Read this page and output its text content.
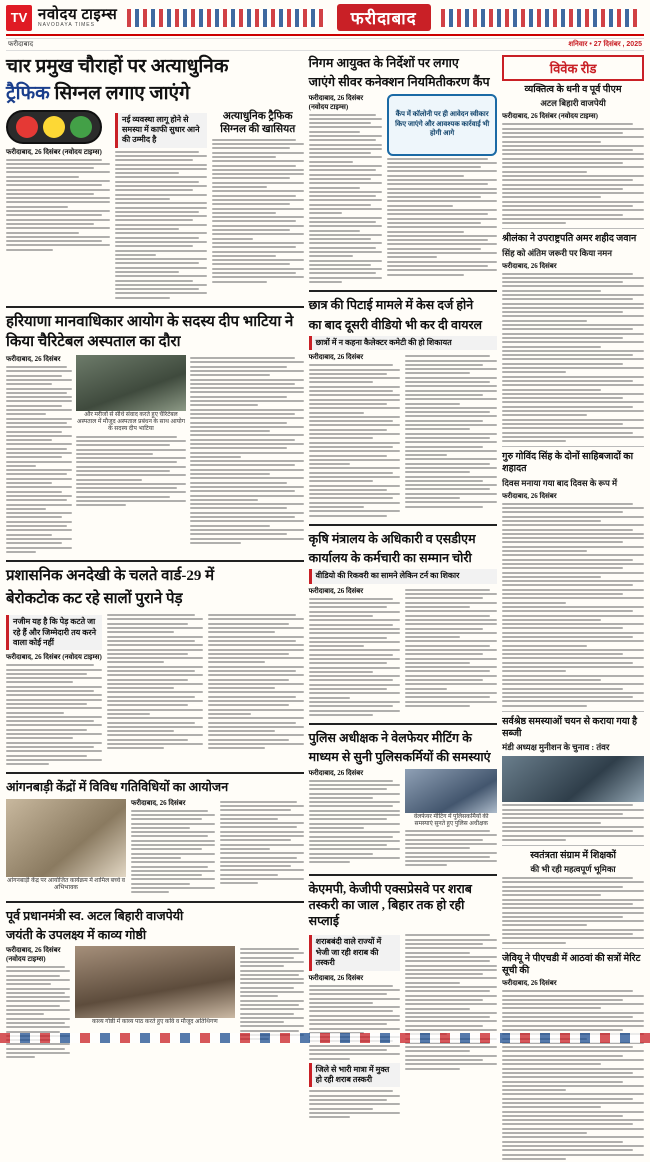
TV नवोदय टाइम्स
NAVODAYA TIMES	फरीदाबाद
फरीदाबाद	शनिवार • 27 दिसंबर , 2025
चार प्रमुख चौराहों पर अत्याधुनिक
ट्रैफिक सिग्नल लगाए जाएंगे
फरीदाबाद, 26 दिसंबर (नवोदय टाइम्स)
नई व्यवस्था लागू होने से समस्या में काफी सुधार आने की उम्मीद है
अत्याधुनिक ट्रैफिक सिग्नल की खासियत
हरियाणा मानवाधिकार आयोग के सदस्य दीप भाटिया ने किया चैरिटेबल अस्पताल का दौरा
फरीदाबाद, 26 दिसंबर
और मरीजों से सीधे संवाद करते हुए चैरिटेबल अस्पताल में मौजूद अस्पताल प्रबंधन के साथ आयोग के सदस्य दीप भाटिया
प्रशासनिक अनदेखी के चलते वार्ड-29 में
बेरोकटोक कट रहे सालों पुराने पेड़
नजीम यह है कि पेड़ कटते जा रहे हैं और जिम्मेदारी तय करने वाला कोई नहीं
फरीदाबाद, 26 दिसंबर (नवोदय टाइम्स)
आंगनबाड़ी केंद्रों में विविध गतिविधियों का आयोजन
आंगनबाड़ी केंद्र पर आयोजित कार्यक्रम में शामिल बच्चे व अभिभावक
फरीदाबाद, 26 दिसंबर
पूर्व प्रधानमंत्री स्व. अटल बिहारी वाजपेयी
जयंती के उपलक्ष्य में काव्य गोष्ठी
फरीदाबाद, 26 दिसंबर (नवोदय टाइम्स)
काव्य गोष्ठी में काव्य पाठ करते हुए कवि व मौजूद अतिथिगण
निगम आयुक्त के निर्देशों पर लगाए
जाएंगे सीवर कनेक्शन नियमितीकरण कैंप
फरीदाबाद, 26 दिसंबर (नवोदय टाइम्स)
कैंप में कॉलोनी पर ही आवेदन स्वीकार किए जाएंगे और आवश्यक कार्रवाई भी होगी आगे
छात्र की पिटाई मामले में केस दर्ज होने
का बाद दूसरी वीडियो भी कर दी वायरल
छात्रों में न कहना कैलेक्टर कमेटी की हो शिकायत
फरीदाबाद, 26 दिसंबर
कृषि मंत्रालय के अधिकारी व एसडीएम
कार्यालय के कर्मचारी का सम्मान चोरी
वीडियो की रिकवरी का सामने लेकिन टर्न का शिकार
फरीदाबाद, 26 दिसंबर
पुलिस अधीक्षक ने वेलफेयर मीटिंग के
माध्यम से सुनी पुलिसकर्मियों की समस्याएं
फरीदाबाद, 26 दिसंबर
वेलफेयर मीटिंग में पुलिसकर्मियों की समस्याएं सुनते हुए पुलिस अधीक्षक
केएमपी, केजीपी एक्सप्रेसवे पर शराब तस्करी का जाल , बिहार तक हो रही सप्लाई
शराबबंदी वाले राज्यों में भेजी जा रही शराब की तस्करी
फरीदाबाद, 26 दिसंबर
जिले से भारी मात्रा में मुक्त हो रही शराब तस्करी
विवेक रीड
व्यक्तित्व के धनी व पूर्व पीएम
अटल बिहारी वाजपेयी
फरीदाबाद, 26 दिसंबर (नवोदय टाइम्स)
श्रीलंका ने उपराष्ट्रपति अमर शहीद जवान
सिंह को अंतिम जरूरी पर किया नमन
फरीदाबाद, 26 दिसंबर
गुरु गोविंद सिंह के दोनों साहिबजादों का शहादत
दिवस मनाया गया बाद दिवस के रूप में
फरीदाबाद, 26 दिसंबर
सर्वश्रेष्ठ समस्याओं चयन से कराया गया है सब्जी
मंडी अध्यक्ष मुनीशन के चुनाव : तंवर
स्वतंत्रता संग्राम में शिक्षकों
की भी रही महत्वपूर्ण भूमिका
जेवियू ने पीएचडी में आठवां की सत्रों मेरिट सूची की
फरीदाबाद, 26 दिसंबर
